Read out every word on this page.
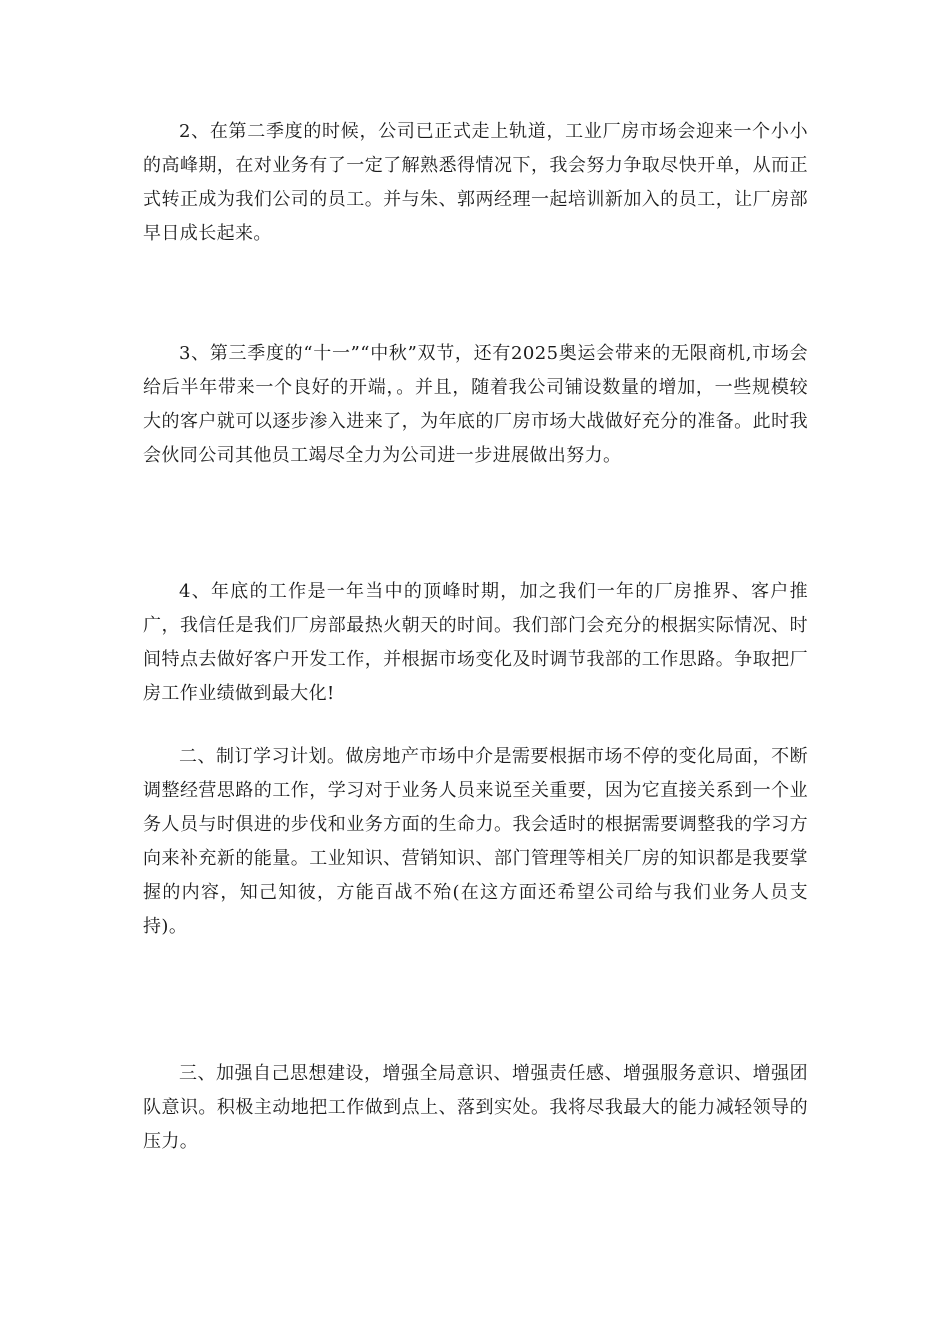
2、在第二季度的时候，公司已正式走上轨道，工业厂房市场会迎来一个小小的高峰期，在对业务有了一定了解熟悉得情况下，我会努力争取尽快开单，从而正式转正成为我们公司的员工。并与朱、郭两经理一起培训新加入的员工，让厂房部早日成长起来。

3、第三季度的“十一”“中秋”双节，还有2025奥运会带来的无限商机,市场会给后半年带来一个良好的开端，。并且，随着我公司铺设数量的增加，一些规模较大的客户就可以逐步渗入进来了，为年底的厂房市场大战做好充分的准备。此时我会伙同公司其他员工竭尽全力为公司进一步进展做出努力。

4、年底的工作是一年当中的顶峰时期，加之我们一年的厂房推界、客户推广，我信任是我们厂房部最热火朝天的时间。我们部门会充分的根据实际情况、时间特点去做好客户开发工作，并根据市场变化及时调节我部的工作思路。争取把厂房工作业绩做到最大化!

二、制订学习计划。做房地产市场中介是需要根据市场不停的变化局面，不断调整经营思路的工作，学习对于业务人员来说至关重要，因为它直接关系到一个业务人员与时俱进的步伐和业务方面的生命力。我会适时的根据需要调整我的学习方向来补充新的能量。工业知识、营销知识、部门管理等相关厂房的知识都是我要掌握的内容，知己知彼，方能百战不殆(在这方面还希望公司给与我们业务人员支持)。

三、加强自己思想建设，增强全局意识、增强责任感、增强服务意识、增强团队意识。积极主动地把工作做到点上、落到实处。我将尽我最大的能力减轻领导的压力。
